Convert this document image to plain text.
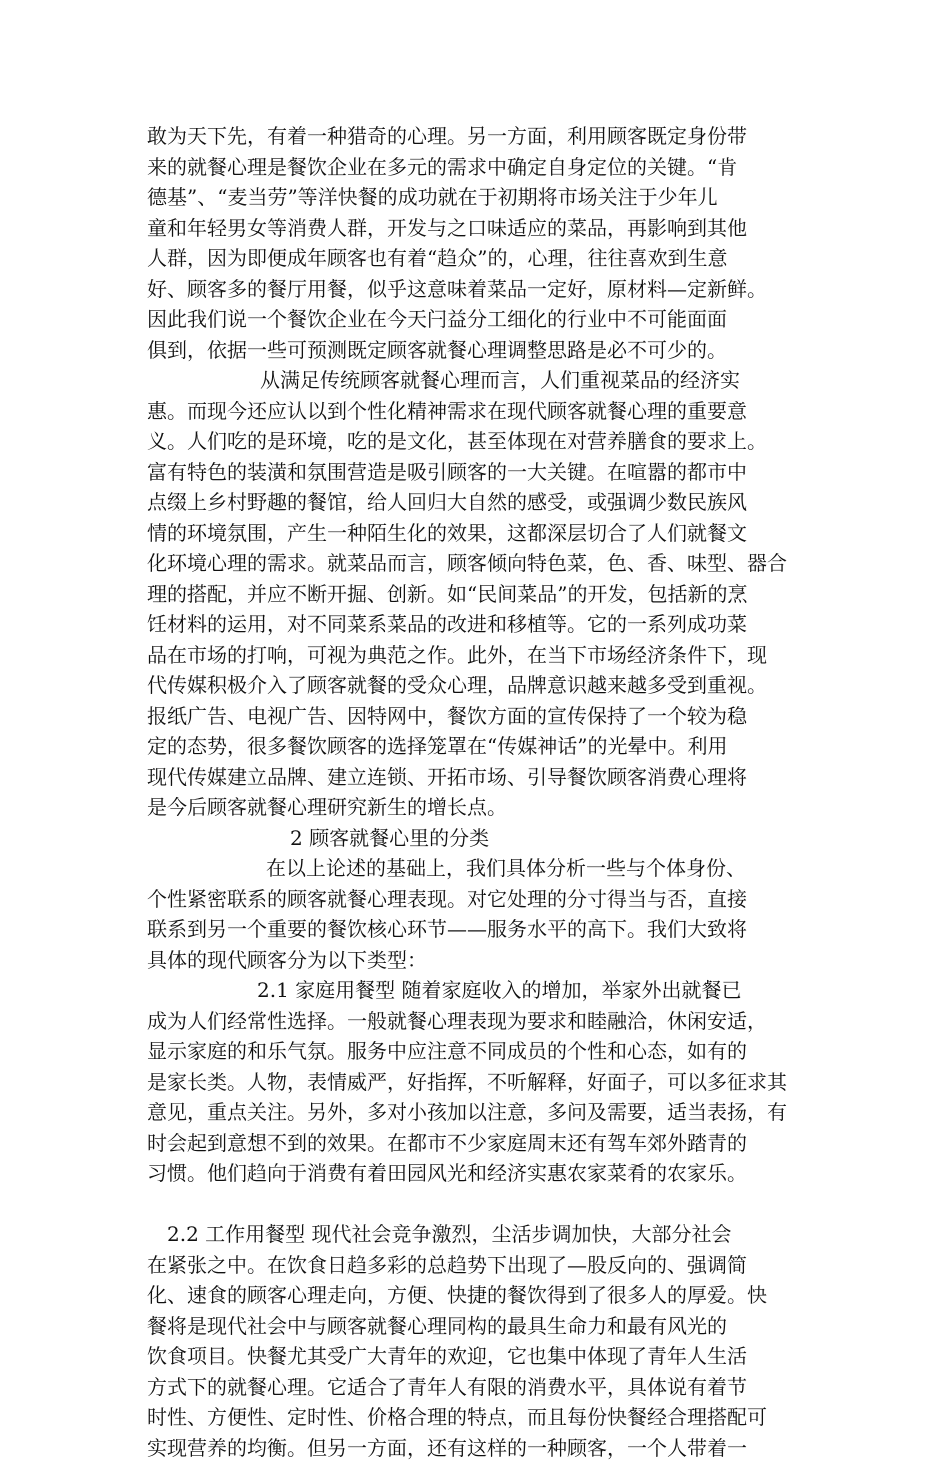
敢为天下先，有着一种猎奇的心理。另一方面，利用顾客既定身份带
来的就餐心理是餐饮企业在多元的需求中确定自身定位的关键。“肯
德基”、“麦当劳”等洋快餐的成功就在于初期将市场关注于少年儿
童和年轻男女等消费人群，开发与之口味适应的菜品，再影响到其他
人群，因为即便成年顾客也有着“趋众”的，心理，往往喜欢到生意
好、顾客多的餐厅用餐，似乎这意味着菜品一定好，原材料—定新鲜。
因此我们说一个餐饮企业在今天闩益分工细化的行业中不可能面面
俱到，依据一些可预测既定顾客就餐心理调整思路是必不可少的。
从满足传统顾客就餐心理而言，人们重视菜品的经济实
惠。而现今还应认以到个性化精神需求在现代顾客就餐心理的重要意
义。人们吃的是环境，吃的是文化，甚至体现在对营养膳食的要求上。
富有特色的装潢和氛围营造是吸引顾客的一大关键。在喧嚣的都市中
点缀上乡村野趣的餐馆，给人回归大自然的感受，或强调少数民族风
情的环境氛围，产生一种陌生化的效果，这都深层切合了人们就餐文
化环境心理的需求。就菜品而言，顾客倾向特色菜，色、香、味型、器合
理的搭配，并应不断开掘、创新。如“民间菜品”的开发，包括新的烹
饪材料的运用，对不同菜系菜品的改进和移植等。它的一系列成功菜
品在市场的打响，可视为典范之作。此外，在当下市场经济条件下，现
代传媒积极介入了顾客就餐的受众心理，品牌意识越来越多受到重视。
报纸广告、电视广告、因特网中，餐饮方面的宣传保持了一个较为稳
定的态势，很多餐饮顾客的选择笼罩在“传媒神话”的光晕中。利用
现代传媒建立品牌、建立连锁、开拓市场、引导餐饮顾客消费心理将
是今后顾客就餐心理研究新生的增长点。
2 顾客就餐心里的分类
在以上论述的基础上，我们具体分析一些与个体身份、
个性紧密联系的顾客就餐心理表现。对它处理的分寸得当与否，直接
联系到另一个重要的餐饮核心环节——服务水平的高下。我们大致将
具体的现代顾客分为以下类型：
2.1 家庭用餐型 随着家庭收入的增加，举家外出就餐已
成为人们经常性选择。一般就餐心理表现为要求和睦融洽，休闲安适，
显示家庭的和乐气氛。服务中应注意不同成员的个性和心态，如有的
是家长类。人物，表情威严，好指挥，不听解释，好面子，可以多征求其
意见，重点关注。另外，多对小孩加以注意，多问及需要，适当表扬，有
时会起到意想不到的效果。在都市不少家庭周末还有驾车郊外踏青的
习惯。他们趋向于消费有着田园风光和经济实惠农家菜肴的农家乐。
2.2 工作用餐型 现代社会竞争激烈，尘活步调加快，大部分社会
在紧张之中。在饮食日趋多彩的总趋势下出现了—股反向的、强调简
化、速食的顾客心理走向，方便、快捷的餐饮得到了很多人的厚爱。快
餐将是现代社会中与顾客就餐心理同构的最具生命力和最有风光的
饮食项目。快餐尤其受广大青年的欢迎，它也集中体现了青年人生活
方式下的就餐心理。它适合了青年人有限的消费水平，具体说有着节
时性、方便性、定时性、价格合理的特点，而且每份快餐经合理搭配可
实现营养的均衡。但另一方面，还有这样的一种顾客，一个人带着一
